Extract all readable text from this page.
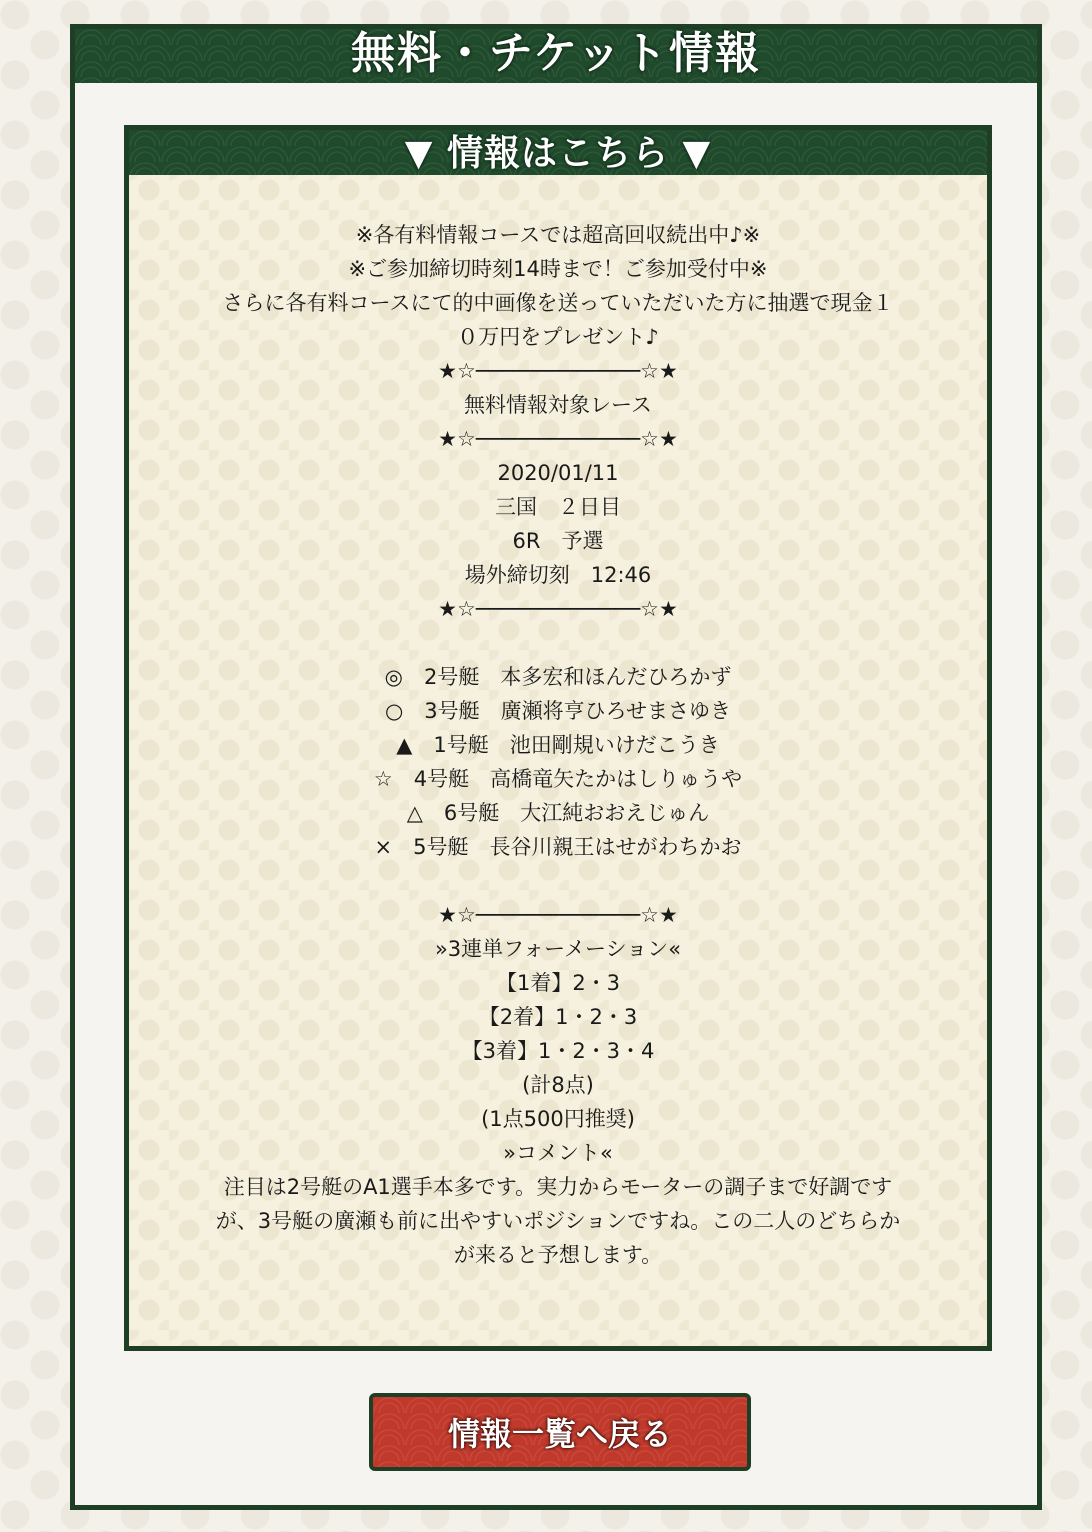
無料・チケット情報
▼ 情報はこちら ▼
※各有料情報コースでは超高回収続出中♪※
※ご参加締切時刻14時まで！ご参加受付中※
さらに各有料コースにて的中画像を送っていただいた方に抽選で現金１０万円をプレゼント♪
★☆─────────────☆★
無料情報対象レース
★☆─────────────☆★
2020/01/11
三国　２日目
6R　予選
場外締切刻　12:46
★☆─────────────☆★
◎　2号艇　本多宏和ほんだひろかず
○　3号艇　廣瀬将亨ひろせまさゆき
▲　1号艇　池田剛規いけだこうき
☆　4号艇　高橋竜矢たかはしりゅうや
△　6号艇　大江純おおえじゅん
×　5号艇　長谷川親王はせがわちかお
★☆─────────────☆★
»3連単フォーメーション«
【1着】2・3
【2着】1・2・3
【3着】1・2・3・4
(計8点)
(1点500円推奨)
»コメント«
注目は2号艇のA1選手本多です。実力からモーターの調子まで好調ですが、3号艇の廣瀬も前に出やすいポジションですね。この二人のどちらかが来ると予想します。
情報一覧へ戻る
